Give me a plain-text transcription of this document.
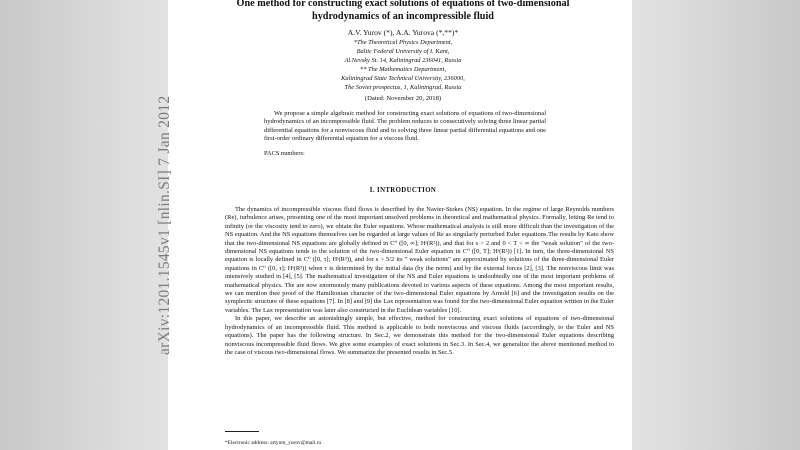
One method for constructing exact solutions of equations of two-dimensional hydrodynamics of an incompressible fluid
A.V. Yurov (*), A.A. Yurova (*,**)*
*The Theoretical Physics Department,
Baltic Federal University of I. Kant,
Al.Nevsky St. 14, Kaliningrad 236041, Russia
** The Mathematics Department,
Kaliningrad State Technical University, 236000,
The Soviet prospectus, 1, Kaliningrad, Russia
(Dated: November 20, 2018)
We propose a simple algebraic method for constructing exact solutions of equations of two-dimensional hydrodynamics of an incompressible fluid. The problem reduces to consecutively solving three linear partial differential equations for a nonviscous fluid and to solving three linear partial differential equations and one first-order ordinary differential equation for a viscous fluid.
PACS numbers:
I. INTRODUCTION

The dynamics of incompressible viscous fluid flows is described by the Navier-Stokes (NS) equation. In the regime of large Reynolds numbers (Re), turbulence arises, presenting one of the most important unsolved problems in theoretical and mathematical physics. Formally, letting Re tend to infinity (or the viscosity tend to zero), we obtain the Euler equations. Whose mathematical analysis is still more difficult than the investigation of the NS equation. And the NS equations themselves can be regarded at large values of Re as singularly perturbed Euler equations.The results by Kato show that the two-dimensional NS equations are globally defined in C⁰ ([0, ∞]; Hˢ(R²)), and that for s > 2 and 0 < T < ∞ the "weak solution" of the two-dimensional NS equations tends to the solution of the two-dimensional Euler equation in C⁰ ([0, T]; Hˢ(R²)) [1]. In turn, the three-dimensional NS equation is locally defined in C⁰ ([0, τ]; Hˢ(R³)), and for s > 5/2 its " weak solutions" are approximated by solutions of the three-dimensional Euler equations in C⁰ ([0, τ]; Hˢ(R³)) when τ is determined by the initial data (by the norm) and by the external forces [2], [3]. The nonviscous limit was intensively studied in [4], [5]. The mathematical investigation of the NS and Euler equations is undoubtedly one of the most important problems of mathematical physics. The are now enormously many publications devoted to various aspects of these equations. Among the most important results, we can mention thee proof of the Hamiltonian character of the two-dimensional Euler equations by Arnold [6] and the investigation results on the symplectic structure of these equations [7]. In [8] and [9] the Lax representation was found for the two-dimensional Euler equation written in the Euler variables. The Lax representation was later also constructed in the Euclidean variables [10].

In this paper, we describe an astonishingly simple, but effective, method for constructing exact solutions of equations of two-dimensional hydrodynamics of an incompressible fluid. This method is applicable to both nonviscous and viscous fluids (accordingly, to the Euler and NS equations). The paper has the following structure. In Sec.2, we demonstrate this method for the two-dimensional Euler equations describing nonviscous incompressible fluid flows. We give some examples of exact solutions in Sec.3. In Sec.4, we generalize the above mentioned method to the case of viscous two-dimensional flows. We summarize the presented results in Sec.5.

*Electronic address: artyom_yurov@mail.ru
arXiv:1201.1545v1 [nlin.SI] 7 Jan 2012
